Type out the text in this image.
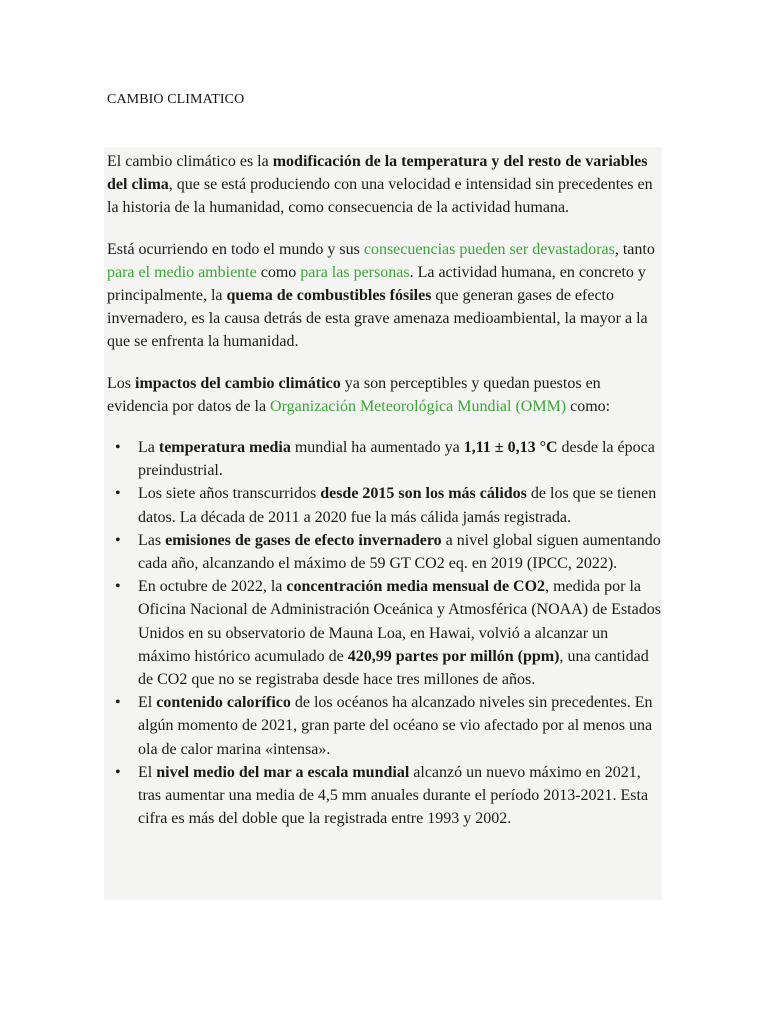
CAMBIO CLIMATICO

El cambio climático es la modificación de la temperatura y del resto de variables del clima, que se está produciendo con una velocidad e intensidad sin precedentes en la historia de la humanidad, como consecuencia de la actividad humana.

Está ocurriendo en todo el mundo y sus consecuencias pueden ser devastadoras, tanto para el medio ambiente como para las personas. La actividad humana, en concreto y principalmente, la quema de combustibles fósiles que generan gases de efecto invernadero, es la causa detrás de esta grave amenaza medioambiental, la mayor a la que se enfrenta la humanidad.

Los impactos del cambio climático ya son perceptibles y quedan puestos en evidencia por datos de la Organización Meteorológica Mundial (OMM) como:

• La temperatura media mundial ha aumentado ya 1,11 ± 0,13 °C desde la época preindustrial.
• Los siete años transcurridos desde 2015 son los más cálidos de los que se tienen datos. La década de 2011 a 2020 fue la más cálida jamás registrada.
• Las emisiones de gases de efecto invernadero a nivel global siguen aumentando cada año, alcanzando el máximo de 59 GT CO2 eq. en 2019 (IPCC, 2022).
• En octubre de 2022, la concentración media mensual de CO2, medida por la Oficina Nacional de Administración Oceánica y Atmosférica (NOAA) de Estados Unidos en su observatorio de Mauna Loa, en Hawai, volvió a alcanzar un máximo histórico acumulado de 420,99 partes por millón (ppm), una cantidad de CO2 que no se registraba desde hace tres millones de años.
• El contenido calorífico de los océanos ha alcanzado niveles sin precedentes. En algún momento de 2021, gran parte del océano se vio afectado por al menos una ola de calor marina «intensa».
• El nivel medio del mar a escala mundial alcanzó un nuevo máximo en 2021, tras aumentar una media de 4,5 mm anuales durante el período 2013-2021. Esta cifra es más del doble que la registrada entre 1993 y 2002.
